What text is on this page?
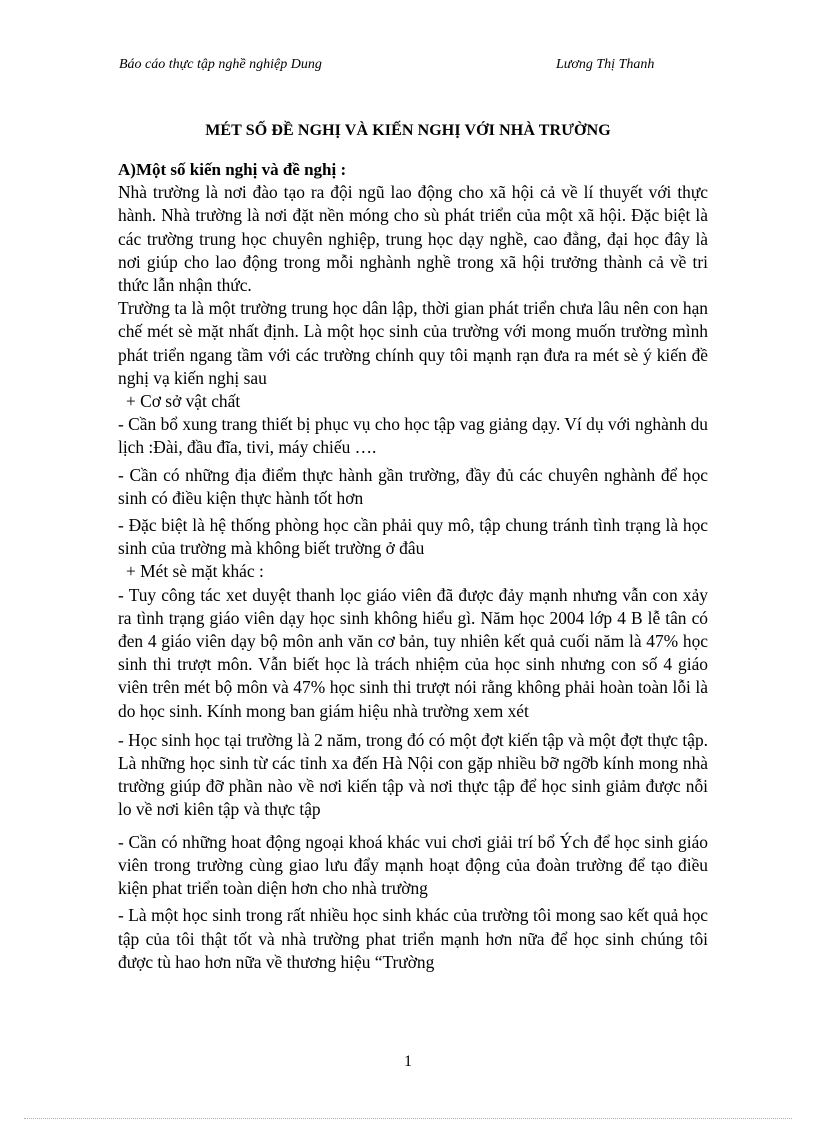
Báo cáo thực tập nghề nghiệp Dung	Lương Thị Thanh
MÉT SỐ ĐỀ NGHỊ VÀ KIẾN NGHỊ VỚI NHÀ TRƯỜNG

A)Một số kiến nghị và đề nghị :

Nhà trường là nơi đào tạo ra đội ngũ lao động cho xã hội cả về lí thuyết với thực hành. Nhà trường là nơi đặt nền móng cho sù phát triển của một xã hội. Đặc biệt là các trường trung học chuyên nghiệp, trung học dạy nghề, cao đẳng, đại học đây là nơi giúp cho lao động trong mỗi nghành nghề trong xã hội trưởng thành cả về tri thức lẫn nhận thức.

Trường ta là một trường trung học dân lập, thời gian phát triển chưa lâu nên con hạn chế mét sè mặt nhất định. Là một học sinh của trường với mong muốn trường mình phát triển ngang tầm với các trường chính quy tôi mạnh rạn đưa ra mét sè ý kiến đề nghị vạ kiến nghị sau

+ Cơ sở vật chất

- Cần bổ xung trang thiết bị phục vụ cho học tập vag giảng dạy. Ví dụ với nghành du lịch :Đài, đầu đĩa, tivi, máy chiếu ….

- Cần có những địa điểm thực hành gần trường, đầy đủ các chuyên nghành để học sinh có điều kiện thực hành tốt hơn

- Đặc biệt là hệ thống phòng học cần phải quy mô, tập chung tránh tình trạng là học sinh của trường mà không biết trường ở đâu

+ Mét sè mặt khác :

- Tuy công tác xet duyệt thanh lọc giáo viên đã được đảy mạnh nhưng vẫn con xảy ra tình trạng giáo viên dạy học sinh không hiểu gì. Năm học 2004 lớp 4 B lễ tân có đen 4 giáo viên dạy bộ môn anh văn cơ bản, tuy nhiên kết quả cuối năm là 47% học sinh thi trượt môn. Vẫn biết học là trách nhiệm của học sinh nhưng con số 4 giáo viên trên mét bộ môn và 47% học sinh thi trượt nói rằng không phải hoàn toàn lỗi là do học sinh. Kính mong ban giám hiệu nhà trường xem xét

- Học sinh học tại trường là 2 năm, trong đó có một đợt kiến tập và một đợt thực tập. Là những học sinh từ các tỉnh xa đến Hà Nội con gặp nhiều bỡ ngỡb kính mong nhà trường giúp đỡ phần nào về nơi kiến tập và nơi thực tập để học sinh giảm được nỗi lo về nơi kiên tập và thực tập

- Cần có những hoat động ngoại khoá khác vui chơi giải trí bổ Ých để học sinh giáo viên trong trường cùng giao lưu đẩy mạnh hoạt động của đoàn trường để tạo điều kiện phat triển toàn diện hơn cho nhà trường

- Là một học sinh trong rất nhiều học sinh khác của trường tôi mong sao kết quả học tập của tôi thật tốt và nhà trường phat triển mạnh hơn nữa để học sinh chúng tôi được tù hao hơn nữa về thương hiệu “Trường

1
